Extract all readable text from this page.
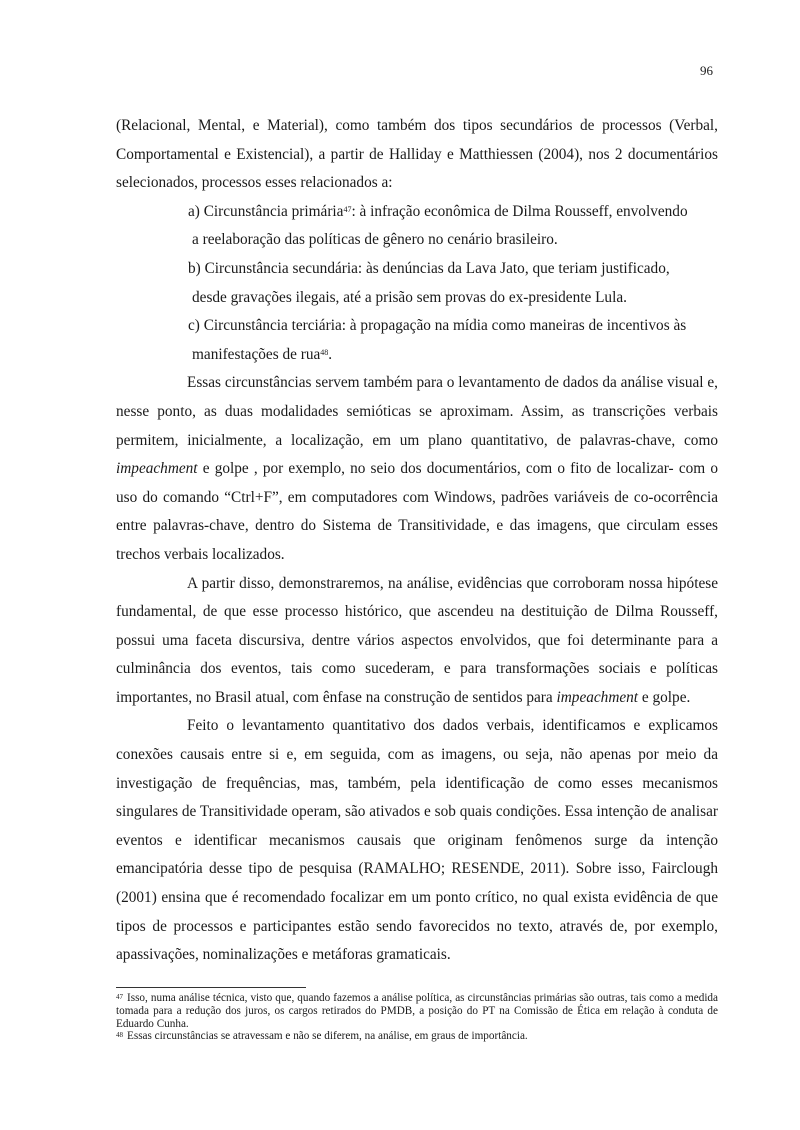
96

(Relacional, Mental, e Material), como também dos tipos secundários de processos (Verbal, Comportamental e Existencial), a partir de Halliday e Matthiessen (2004), nos 2 documentários selecionados, processos esses relacionados a:

a) Circunstância primária$^{47}$: à infração econômica de Dilma Rousseff, envolvendo

a reelaboração das políticas de gênero no cenário brasileiro.

b) Circunstância secundária: às denúncias da Lava Jato, que teriam justificado,

desde gravações ilegais, até a prisão sem provas do ex-presidente Lula.

c) Circunstância terciária: à propagação na mídia como maneiras de incentivos às

manifestações de rua$^{48}$.

Essas circunstâncias servem também para o levantamento de dados da análise visual e, nesse ponto, as duas modalidades semióticas se aproximam. Assim, as transcrições verbais permitem, inicialmente, a localização, em um plano quantitativo, de palavras-chave, como impeachment e golpe , por exemplo, no seio dos documentários, com o fito de localizar- com o uso do comando “Ctrl+F”, em computadores com Windows, padrões variáveis de co-ocorrência entre palavras-chave, dentro do Sistema de Transitividade, e das imagens, que circulam esses trechos verbais localizados.

A partir disso, demonstraremos, na análise, evidências que corroboram nossa hipótese fundamental, de que esse processo histórico, que ascendeu na destituição de Dilma Rousseff, possui uma faceta discursiva, dentre vários aspectos envolvidos, que foi determinante para a culminância dos eventos, tais como sucederam, e para transformações sociais e políticas importantes, no Brasil atual, com ênfase na construção de sentidos para impeachment e golpe.

Feito o levantamento quantitativo dos dados verbais, identificamos e explicamos conexões causais entre si e, em seguida, com as imagens, ou seja, não apenas por meio da investigação de frequências, mas, também, pela identificação de como esses mecanismos singulares de Transitividade operam, são ativados e sob quais condições. Essa intenção de analisar eventos e identificar mecanismos causais que originam fenômenos surge da intenção emancipatória desse tipo de pesquisa (RAMALHO; RESENDE, 2011). Sobre isso, Fairclough (2001) ensina que é recomendado focalizar em um ponto crítico, no qual exista evidência de que tipos de processos e participantes estão sendo favorecidos no texto, através de, por exemplo, apassivações, nominalizações e metáforas gramaticais.

$^{47}$ Isso, numa análise técnica, visto que, quando fazemos a análise política, as circunstâncias primárias são outras, tais como a medida tomada para a redução dos juros, os cargos retirados do PMDB, a posição do PT na Comissão de Ética em relação à conduta de Eduardo Cunha.

$^{48}$ Essas circunstâncias se atravessam e não se diferem, na análise, em graus de importância.
